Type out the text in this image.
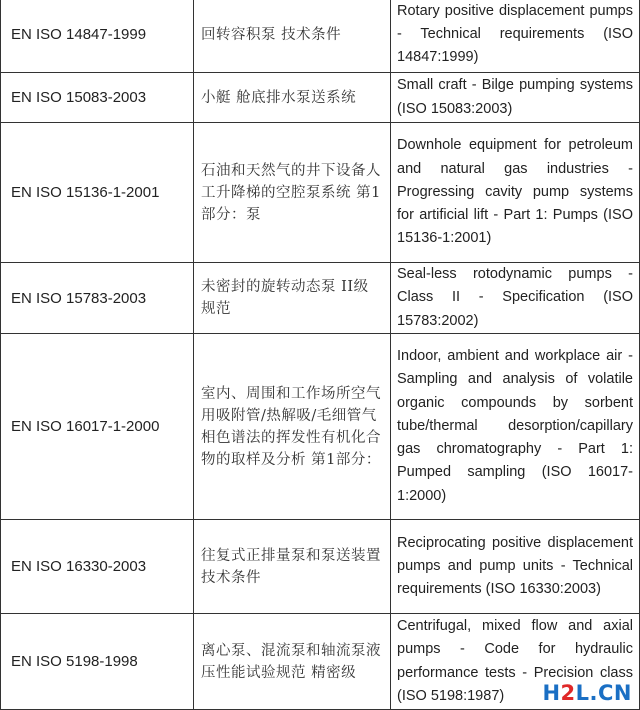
EN ISO 14847-1999	回转容积泵 技术条件	Rotary positive displacement pumps - Technical requirements (ISO 14847:1999)
EN ISO 15083-2003	小艇 舱底排水泵送系统	Small craft - Bilge pumping systems (ISO 15083:2003)
EN ISO 15136-1-2001	石油和天然气的井下设备人工升降梯的空腔泵系统 第1部分：泵	Downhole equipment for petroleum and natural gas industries - Progressing cavity pump systems for artificial lift - Part 1: Pumps (ISO 15136-1:2001)
EN ISO 15783-2003	未密封的旋转动态泵 II级规范	Seal-less rotodynamic pumps - Class II - Specification (ISO 15783:2002)
EN ISO 16017-1-2000	室内、周围和工作场所空气用吸附管/热解吸/毛细管气相色谱法的挥发性有机化合物的取样及分析 第1部分：	Indoor, ambient and workplace air - Sampling and analysis of volatile organic compounds by sorbent tube/thermal desorption/capillary gas chromatography - Part 1: Pumped sampling (ISO 16017-1:2000)
EN ISO 16330-2003	往复式正排量泵和泵送装置 技术条件	Reciprocating positive displacement pumps and pump units - Technical requirements (ISO 16330:2003)
EN ISO 5198-1998	离心泵、混流泵和轴流泵液压性能试验规范 精密级	Centrifugal, mixed flow and axial pumps - Code for hydraulic performance tests - Precision class (ISO 5198:1987) H2L.CN
